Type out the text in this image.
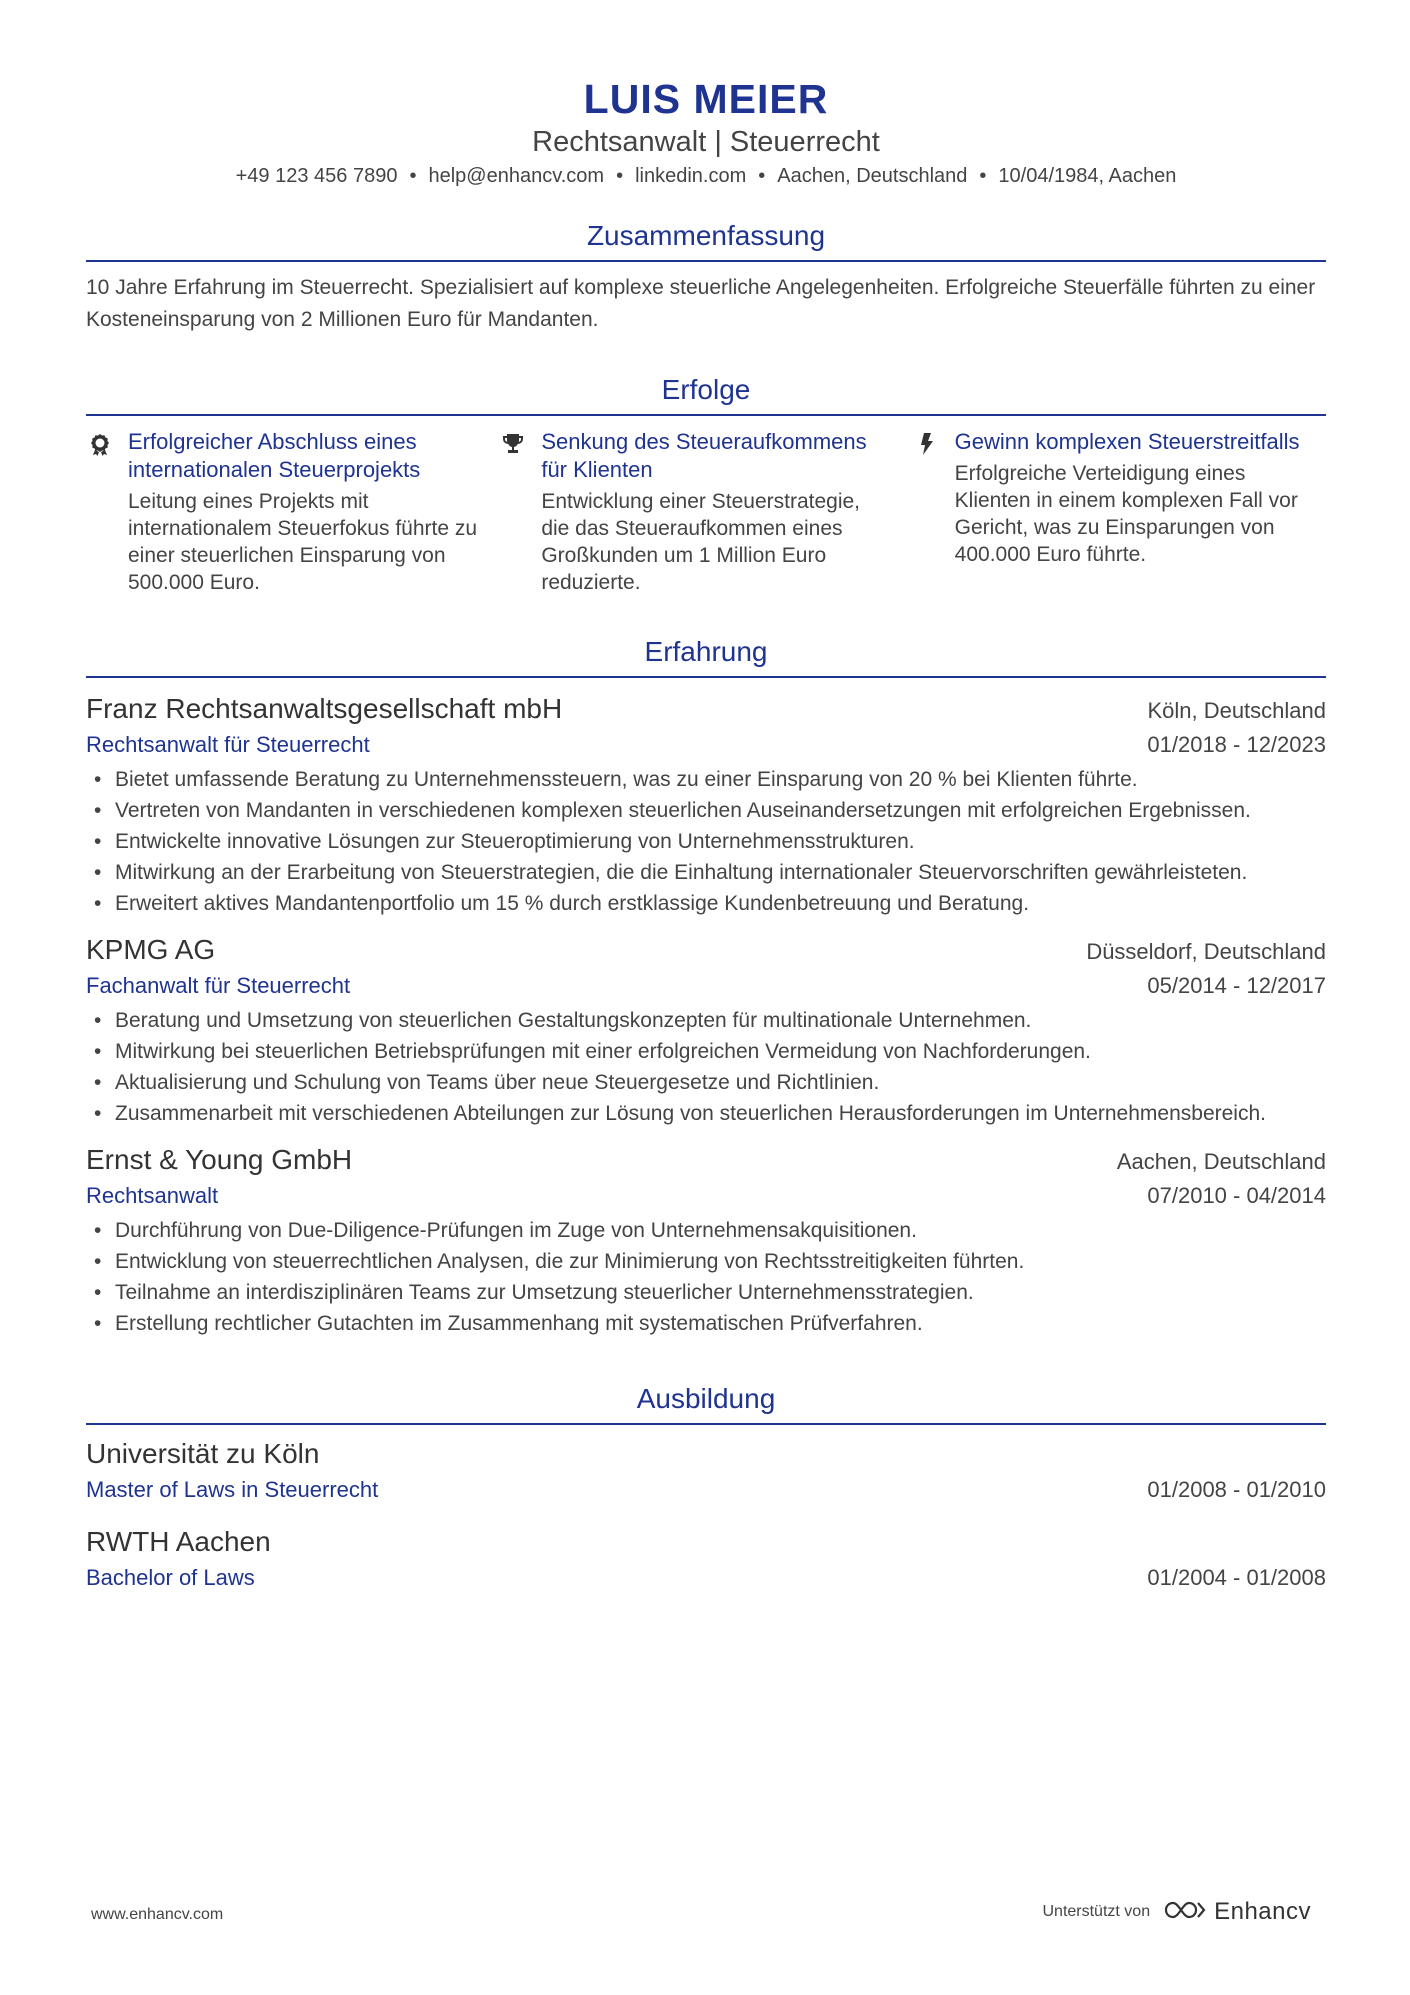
LUIS MEIER
Rechtsanwalt | Steuerrecht
+49 123 456 7890 • help@enhancv.com • linkedin.com • Aachen, Deutschland • 10/04/1984, Aachen
Zusammenfassung
10 Jahre Erfahrung im Steuerrecht. Spezialisiert auf komplexe steuerliche Angelegenheiten. Erfolgreiche Steuerfälle führten zu einer Kosteneinsparung von 2 Millionen Euro für Mandanten.
Erfolge
Erfolgreicher Abschluss eines internationalen Steuerprojekts
Leitung eines Projekts mit internationalem Steuerfokus führte zu einer steuerlichen Einsparung von 500.000 Euro.
Senkung des Steueraufkommens für Klienten
Entwicklung einer Steuerstrategie, die das Steueraufkommen eines Großkunden um 1 Million Euro reduzierte.
Gewinn komplexen Steuerstreitfalls
Erfolgreiche Verteidigung eines Klienten in einem komplexen Fall vor Gericht, was zu Einsparungen von 400.000 Euro führte.
Erfahrung
Franz Rechtsanwaltsgesellschaft mbH	Köln, Deutschland
Rechtsanwalt für Steuerrecht	01/2018 - 12/2023
• Bietet umfassende Beratung zu Unternehmenssteuern, was zu einer Einsparung von 20 % bei Klienten führte.
• Vertreten von Mandanten in verschiedenen komplexen steuerlichen Auseinandersetzungen mit erfolgreichen Ergebnissen.
• Entwickelte innovative Lösungen zur Steueroptimierung von Unternehmensstrukturen.
• Mitwirkung an der Erarbeitung von Steuerstrategien, die die Einhaltung internationaler Steuervorschriften gewährleisteten.
• Erweitert aktives Mandantenportfolio um 15 % durch erstklassige Kundenbetreuung und Beratung.
KPMG AG	Düsseldorf, Deutschland
Fachanwalt für Steuerrecht	05/2014 - 12/2017
• Beratung und Umsetzung von steuerlichen Gestaltungskonzepten für multinationale Unternehmen.
• Mitwirkung bei steuerlichen Betriebsprüfungen mit einer erfolgreichen Vermeidung von Nachforderungen.
• Aktualisierung und Schulung von Teams über neue Steuergesetze und Richtlinien.
• Zusammenarbeit mit verschiedenen Abteilungen zur Lösung von steuerlichen Herausforderungen im Unternehmensbereich.
Ernst & Young GmbH	Aachen, Deutschland
Rechtsanwalt	07/2010 - 04/2014
• Durchführung von Due-Diligence-Prüfungen im Zuge von Unternehmensakquisitionen.
• Entwicklung von steuerrechtlichen Analysen, die zur Minimierung von Rechtsstreitigkeiten führten.
• Teilnahme an interdisziplinären Teams zur Umsetzung steuerlicher Unternehmensstrategien.
• Erstellung rechtlicher Gutachten im Zusammenhang mit systematischen Prüfverfahren.
Ausbildung
Universität zu Köln
Master of Laws in Steuerrecht	01/2008 - 01/2010
RWTH Aachen
Bachelor of Laws	01/2004 - 01/2008
www.enhancv.com	Unterstützt von	Enhancv
